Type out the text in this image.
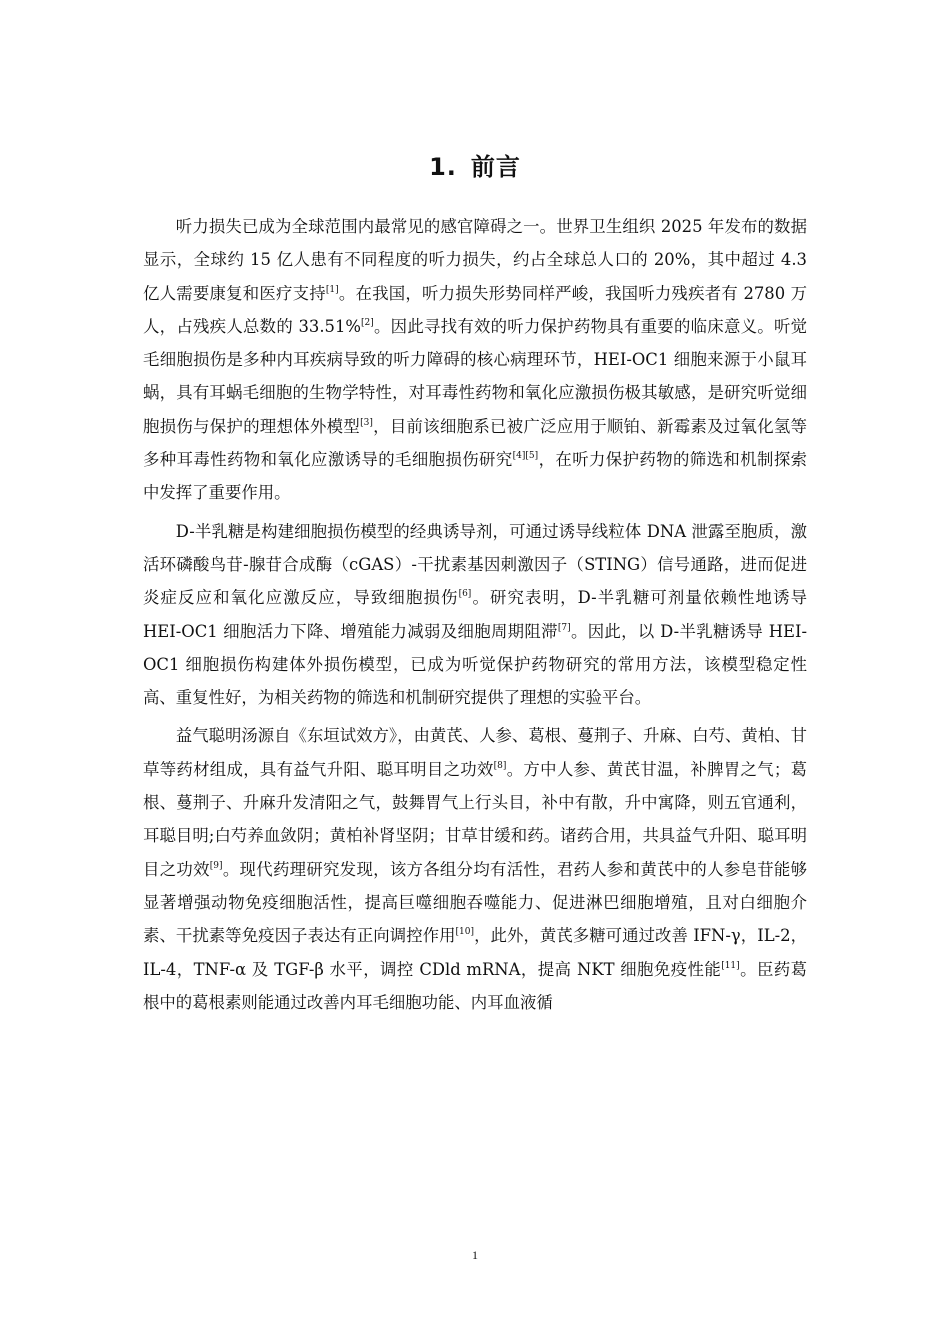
1. 前言

听力损失已成为全球范围内最常见的感官障碍之一。世界卫生组织 2025 年发布的数据显示，全球约 15 亿人患有不同程度的听力损失，约占全球总人口的 20%，其中超过 4.3 亿人需要康复和医疗支持[1]。在我国，听力损失形势同样严峻，我国听力残疾者有 2780 万人，占残疾人总数的 33.51%[2]。因此寻找有效的听力保护药物具有重要的临床意义。听觉毛细胞损伤是多种内耳疾病导致的听力障碍的核心病理环节，HEI-OC1 细胞来源于小鼠耳蜗，具有耳蜗毛细胞的生物学特性，对耳毒性药物和氧化应激损伤极其敏感，是研究听觉细胞损伤与保护的理想体外模型[3]，目前该细胞系已被广泛应用于顺铂、新霉素及过氧化氢等多种耳毒性药物和氧化应激诱导的毛细胞损伤研究[4][5]，在听力保护药物的筛选和机制探索中发挥了重要作用。

D-半乳糖是构建细胞损伤模型的经典诱导剂，可通过诱导线粒体 DNA 泄露至胞质，激活环磷酸鸟苷-腺苷合成酶（cGAS）-干扰素基因刺激因子（STING）信号通路，进而促进炎症反应和氧化应激反应，导致细胞损伤[6]。研究表明，D-半乳糖可剂量依赖性地诱导 HEI-OC1 细胞活力下降、增殖能力减弱及细胞周期阻滞[7]。因此，以 D-半乳糖诱导 HEI-OC1 细胞损伤构建体外损伤模型，已成为听觉保护药物研究的常用方法，该模型稳定性高、重复性好，为相关药物的筛选和机制研究提供了理想的实验平台。

益气聪明汤源自《东垣试效方》，由黄芪、人参、葛根、蔓荆子、升麻、白芍、黄柏、甘草等药材组成，具有益气升阳、聪耳明目之功效[8]。方中人参、黄芪甘温，补脾胃之气；葛根、蔓荆子、升麻升发清阳之气，鼓舞胃气上行头目，补中有散，升中寓降，则五官通利，耳聪目明;白芍养血敛阴；黄柏补肾坚阴；甘草甘缓和药。诸药合用，共具益气升阳、聪耳明目之功效[9]。现代药理研究发现，该方各组分均有活性，君药人参和黄芪中的人参皂苷能够显著增强动物免疫细胞活性，提高巨噬细胞吞噬能力、促进淋巴细胞增殖，且对白细胞介素、干扰素等免疫因子表达有正向调控作用[10]，此外，黄芪多糖可通过改善 IFN-γ，IL-2，IL-4，TNF-α 及 TGF-β 水平，调控 CDld mRNA，提高 NKT 细胞免疫性能[11]。臣药葛根中的葛根素则能通过改善内耳毛细胞功能、内耳血液循

1
